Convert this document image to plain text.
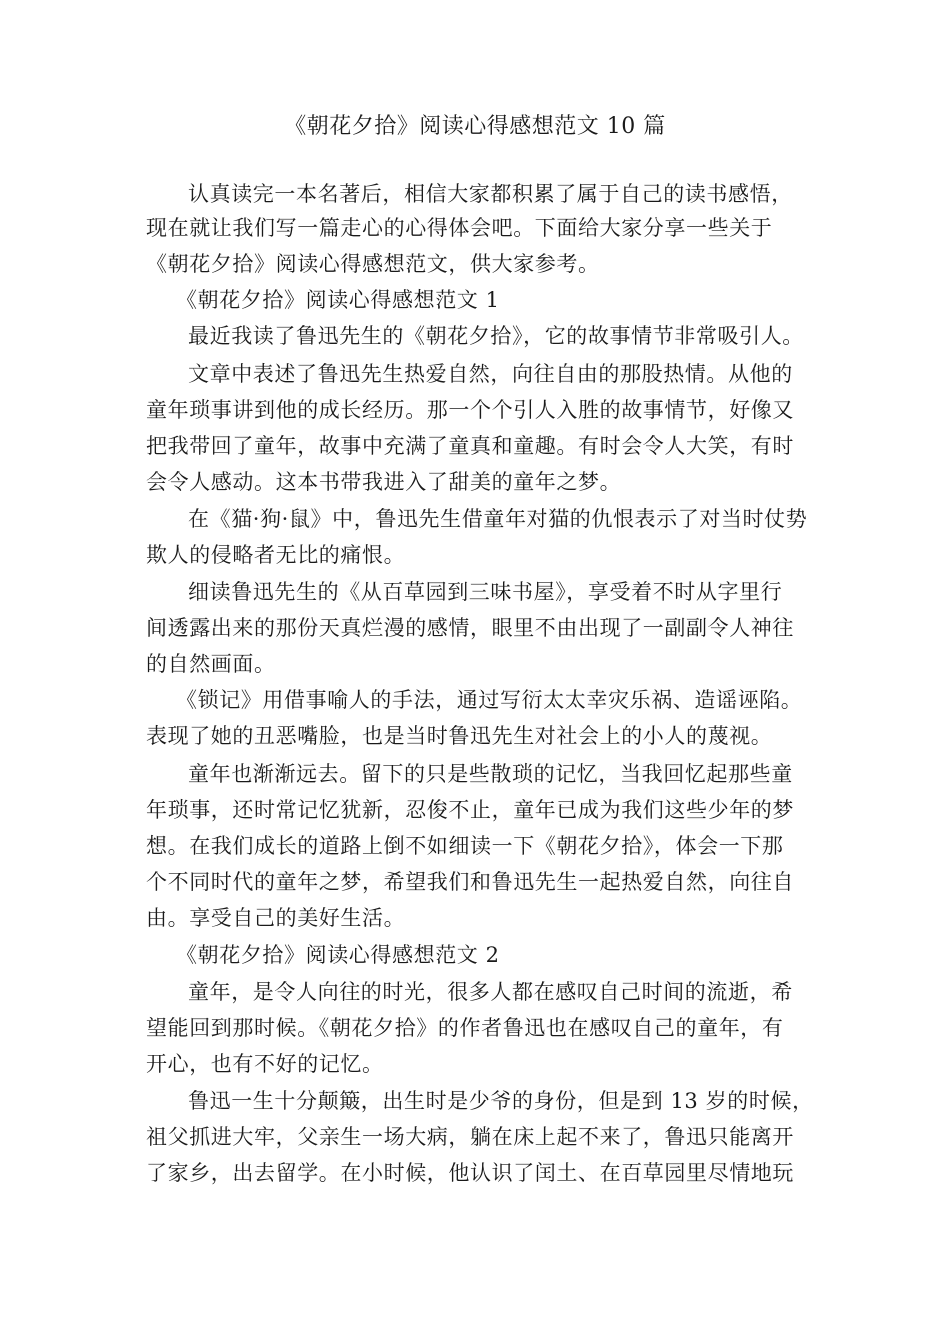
《朝花夕拾》阅读心得感想范文 10 篇
认真读完一本名著后，相信大家都积累了属于自己的读书感悟，
现在就让我们写一篇走心的心得体会吧。下面给大家分享一些关于
《朝花夕拾》阅读心得感想范文，供大家参考。
《朝花夕拾》阅读心得感想范文 1
最近我读了鲁迅先生的《朝花夕拾》，它的故事情节非常吸引人。
文章中表述了鲁迅先生热爱自然，向往自由的那股热情。从他的
童年琐事讲到他的成长经历。那一个个引人入胜的故事情节，好像又
把我带回了童年，故事中充满了童真和童趣。有时会令人大笑，有时
会令人感动。这本书带我进入了甜美的童年之梦。
在《猫·狗·鼠》中，鲁迅先生借童年对猫的仇恨表示了对当时仗势
欺人的侵略者无比的痛恨。
细读鲁迅先生的《从百草园到三味书屋》，享受着不时从字里行
间透露出来的那份天真烂漫的感情，眼里不由出现了一副副令人神往
的自然画面。
《锁记》用借事喻人的手法，通过写衍太太幸灾乐祸、造谣诬陷。
表现了她的丑恶嘴脸，也是当时鲁迅先生对社会上的小人的蔑视。
童年也渐渐远去。留下的只是些散琐的记忆，当我回忆起那些童
年琐事，还时常记忆犹新，忍俊不止，童年已成为我们这些少年的梦
想。在我们成长的道路上倒不如细读一下《朝花夕拾》，体会一下那
个不同时代的童年之梦，希望我们和鲁迅先生一起热爱自然，向往自
由。享受自己的美好生活。
《朝花夕拾》阅读心得感想范文 2
童年，是令人向往的时光，很多人都在感叹自己时间的流逝，希
望能回到那时候。《朝花夕拾》的作者鲁迅也在感叹自己的童年，有
开心，也有不好的记忆。
鲁迅一生十分颠簸，出生时是少爷的身份，但是到 13 岁的时候，
祖父抓进大牢，父亲生一场大病，躺在床上起不来了，鲁迅只能离开
了家乡，出去留学。在小时候，他认识了闰土、在百草园里尽情地玩
